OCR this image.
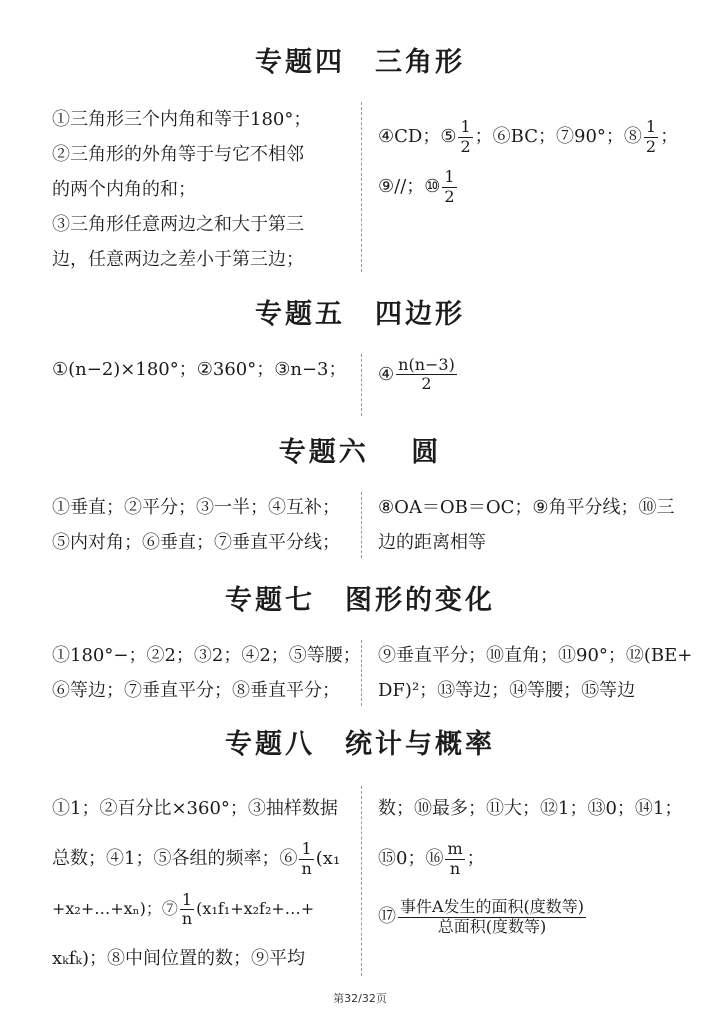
专题四　三角形
①三角形三个内角和等于180°；
②三角形的外角等于与它不相邻
的两个内角的和；
③三角形任意两边之和大于第三
边，任意两边之差小于第三边；
④CD；⑤ $\frac{1}{2}$ ；⑥BC；⑦90°；⑧ $\frac{1}{2}$ ；
⑨//；⑩ $\frac{1}{2}$
专题五　四边形
①(n−2)×180°；②360°；③n−3； ④ $\frac{n(n-3)}{2}$
专题六　 圆
①垂直；②平分；③一半；④互补；
⑤内对角；⑥垂直；⑦垂直平分线；
⑧OA＝OB＝OC；⑨角平分线；⑩三
边的距离相等
专题七　图形的变化
①180°−；②2；③2；④2；⑤等腰；
⑥等边；⑦垂直平分；⑧垂直平分；
⑨垂直平分；⑩直角；⑪90°；⑫(BE+
DF)²；⑬等边；⑭等腰；⑮等边
专题八　统计与概率
①1；②百分比×360°；③抽样数据
总数；④1；⑤各组的频率；⑥ $\frac{1}{n} (x_1$
+x₂+…+xₙ)；⑦ $\frac{1}{n}$ (x₁f₁+x₂f₂+…+
xₖfₖ)；⑧中间位置的数；⑨平均
数；⑩最多；⑪大；⑫1；⑬0；⑭1；
⑮0；⑯ $\frac{m}{n}$ ；
⑰ $\frac{\text{事件A发生的面积(度数等)}}{\text{总面积(度数等)}}$
第32/32页
